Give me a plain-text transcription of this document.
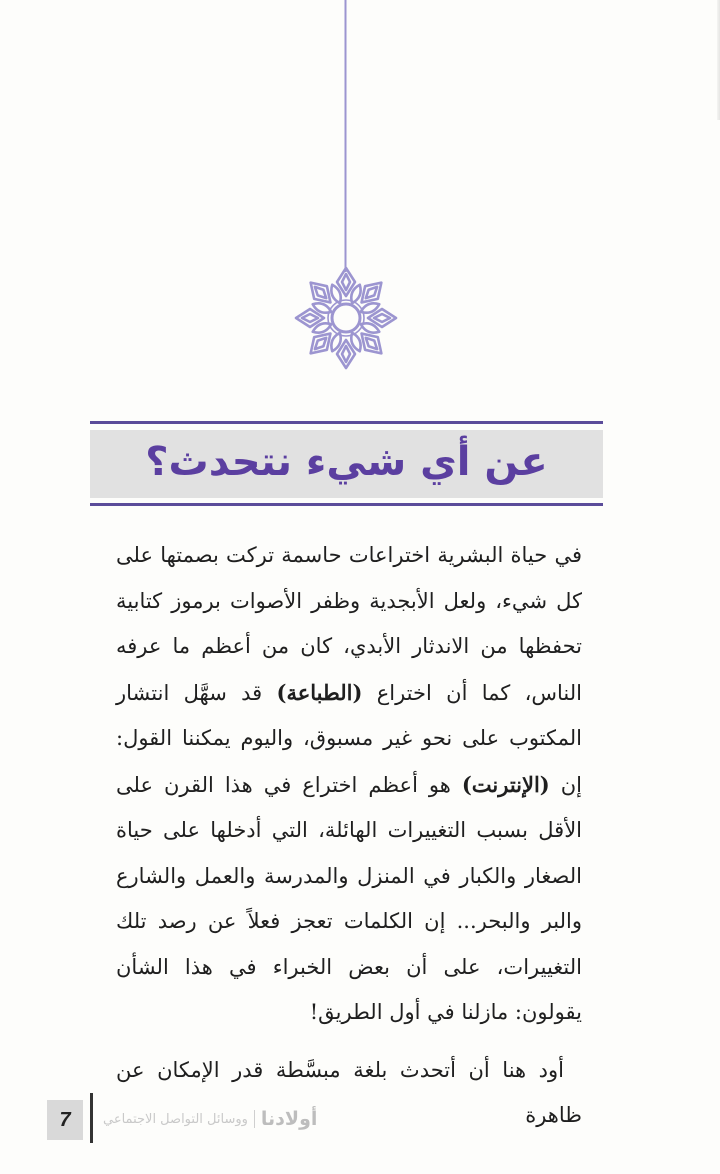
عن أي شيء نتحدث؟

في حياة البشرية اختراعات حاسمة تركت بصمتها على كل شيء، ولعل الأبجدية وظفر الأصوات برموز كتابية تحفظها من الاندثار الأبدي، كان من أعظم ما عرفه الناس، كما أن اختراع (الطباعة) قد سهَّل انتشار المكتوب على نحو غير مسبوق، واليوم يمكننا القول: إن (الإنترنت) هو أعظم اختراع في هذا القرن على الأقل بسبب التغييرات الهائلة، التي أدخلها على حياة الصغار والكبار في المنزل والمدرسة والعمل والشارع والبر والبحر... إن الكلمات تعجز فعلاً عن رصد تلك التغييرات، على أن بعض الخبراء في هذا الشأن يقولون: مازلنا في أول الطريق!

أود هنا أن أتحدث بلغة مبسَّطة قدر الإمكان عن ظاهرة

7	أولادنا
ووسائل التواصل الاجتماعي
